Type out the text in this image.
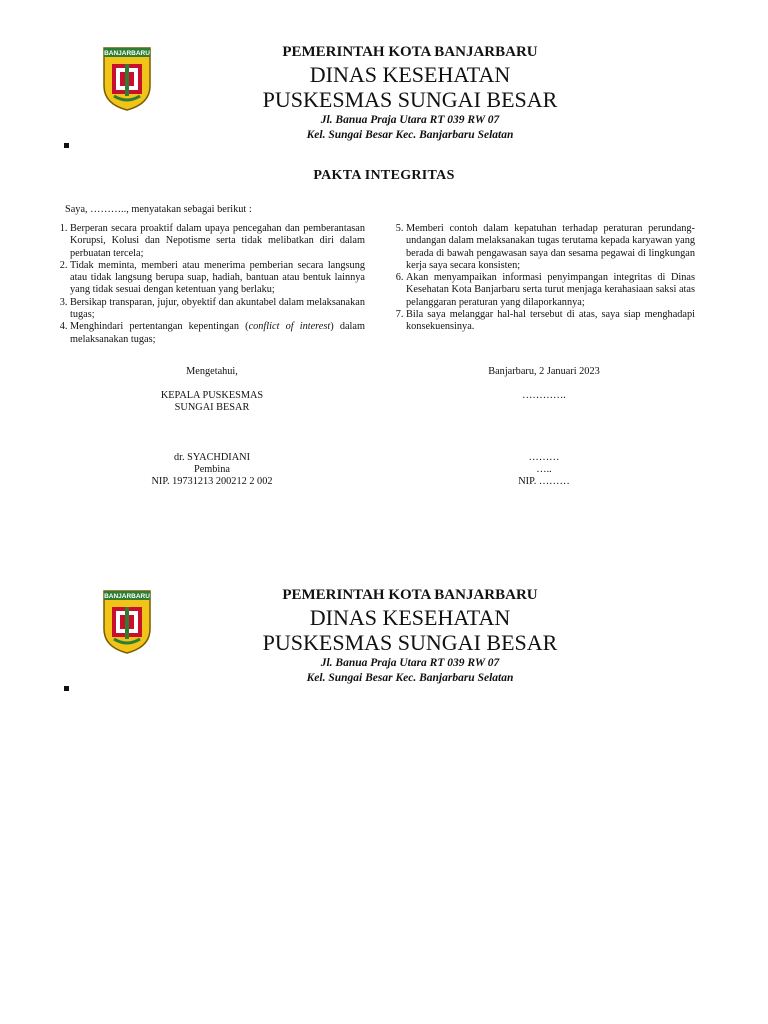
BANJARBARU	PEMERINTAH KOTA BANJARBARU
DINAS KESEHATAN
PUSKESMAS SUNGAI BESAR
Jl. Banua Praja Utara RT 039 RW 07
Kel. Sungai Besar Kec. Banjarbaru Selatan
PAKTA INTEGRITAS
Saya, ……….., menyatakan sebagai berikut :
1. Berperan secara proaktif dalam upaya pencegahan dan pemberantasan Korupsi, Kolusi dan Nepotisme serta tidak melibatkan diri dalam perbuatan tercela;
2. Tidak meminta, memberi atau menerima pemberian secara langsung atau tidak langsung berupa suap, hadiah, bantuan atau bentuk lainnya yang tidak sesuai dengan ketentuan yang berlaku;
3. Bersikap transparan, jujur, obyektif dan akuntabel dalam melaksanakan tugas;
4. Menghindari pertentangan kepentingan (conflict of interest) dalam melaksanakan tugas;
5. Memberi contoh dalam kepatuhan terhadap peraturan perundang-undangan dalam melaksanakan tugas terutama kepada karyawan yang berada di bawah pengawasan saya dan sesama pegawai di lingkungan kerja saya secara konsisten;
6. Akan menyampaikan informasi penyimpangan integritas di Dinas Kesehatan Kota Banjarbaru serta turut menjaga kerahasiaan saksi atas pelanggaran peraturan yang dilaporkannya;
7. Bila saya melanggar hal-hal tersebut di atas, saya siap menghadapi konsekuensinya.
Mengetahui,
KEPALA PUSKESMAS
SUNGAI BESAR
dr. SYACHDIANI
Pembina
NIP. 19731213 200212 2 002
Banjarbaru, 2 Januari 2023
………….
………
…..
NIP. ………
BANJARBARU	PEMERINTAH KOTA BANJARBARU
DINAS KESEHATAN
PUSKESMAS SUNGAI BESAR
Jl. Banua Praja Utara RT 039 RW 07
Kel. Sungai Besar Kec. Banjarbaru Selatan
